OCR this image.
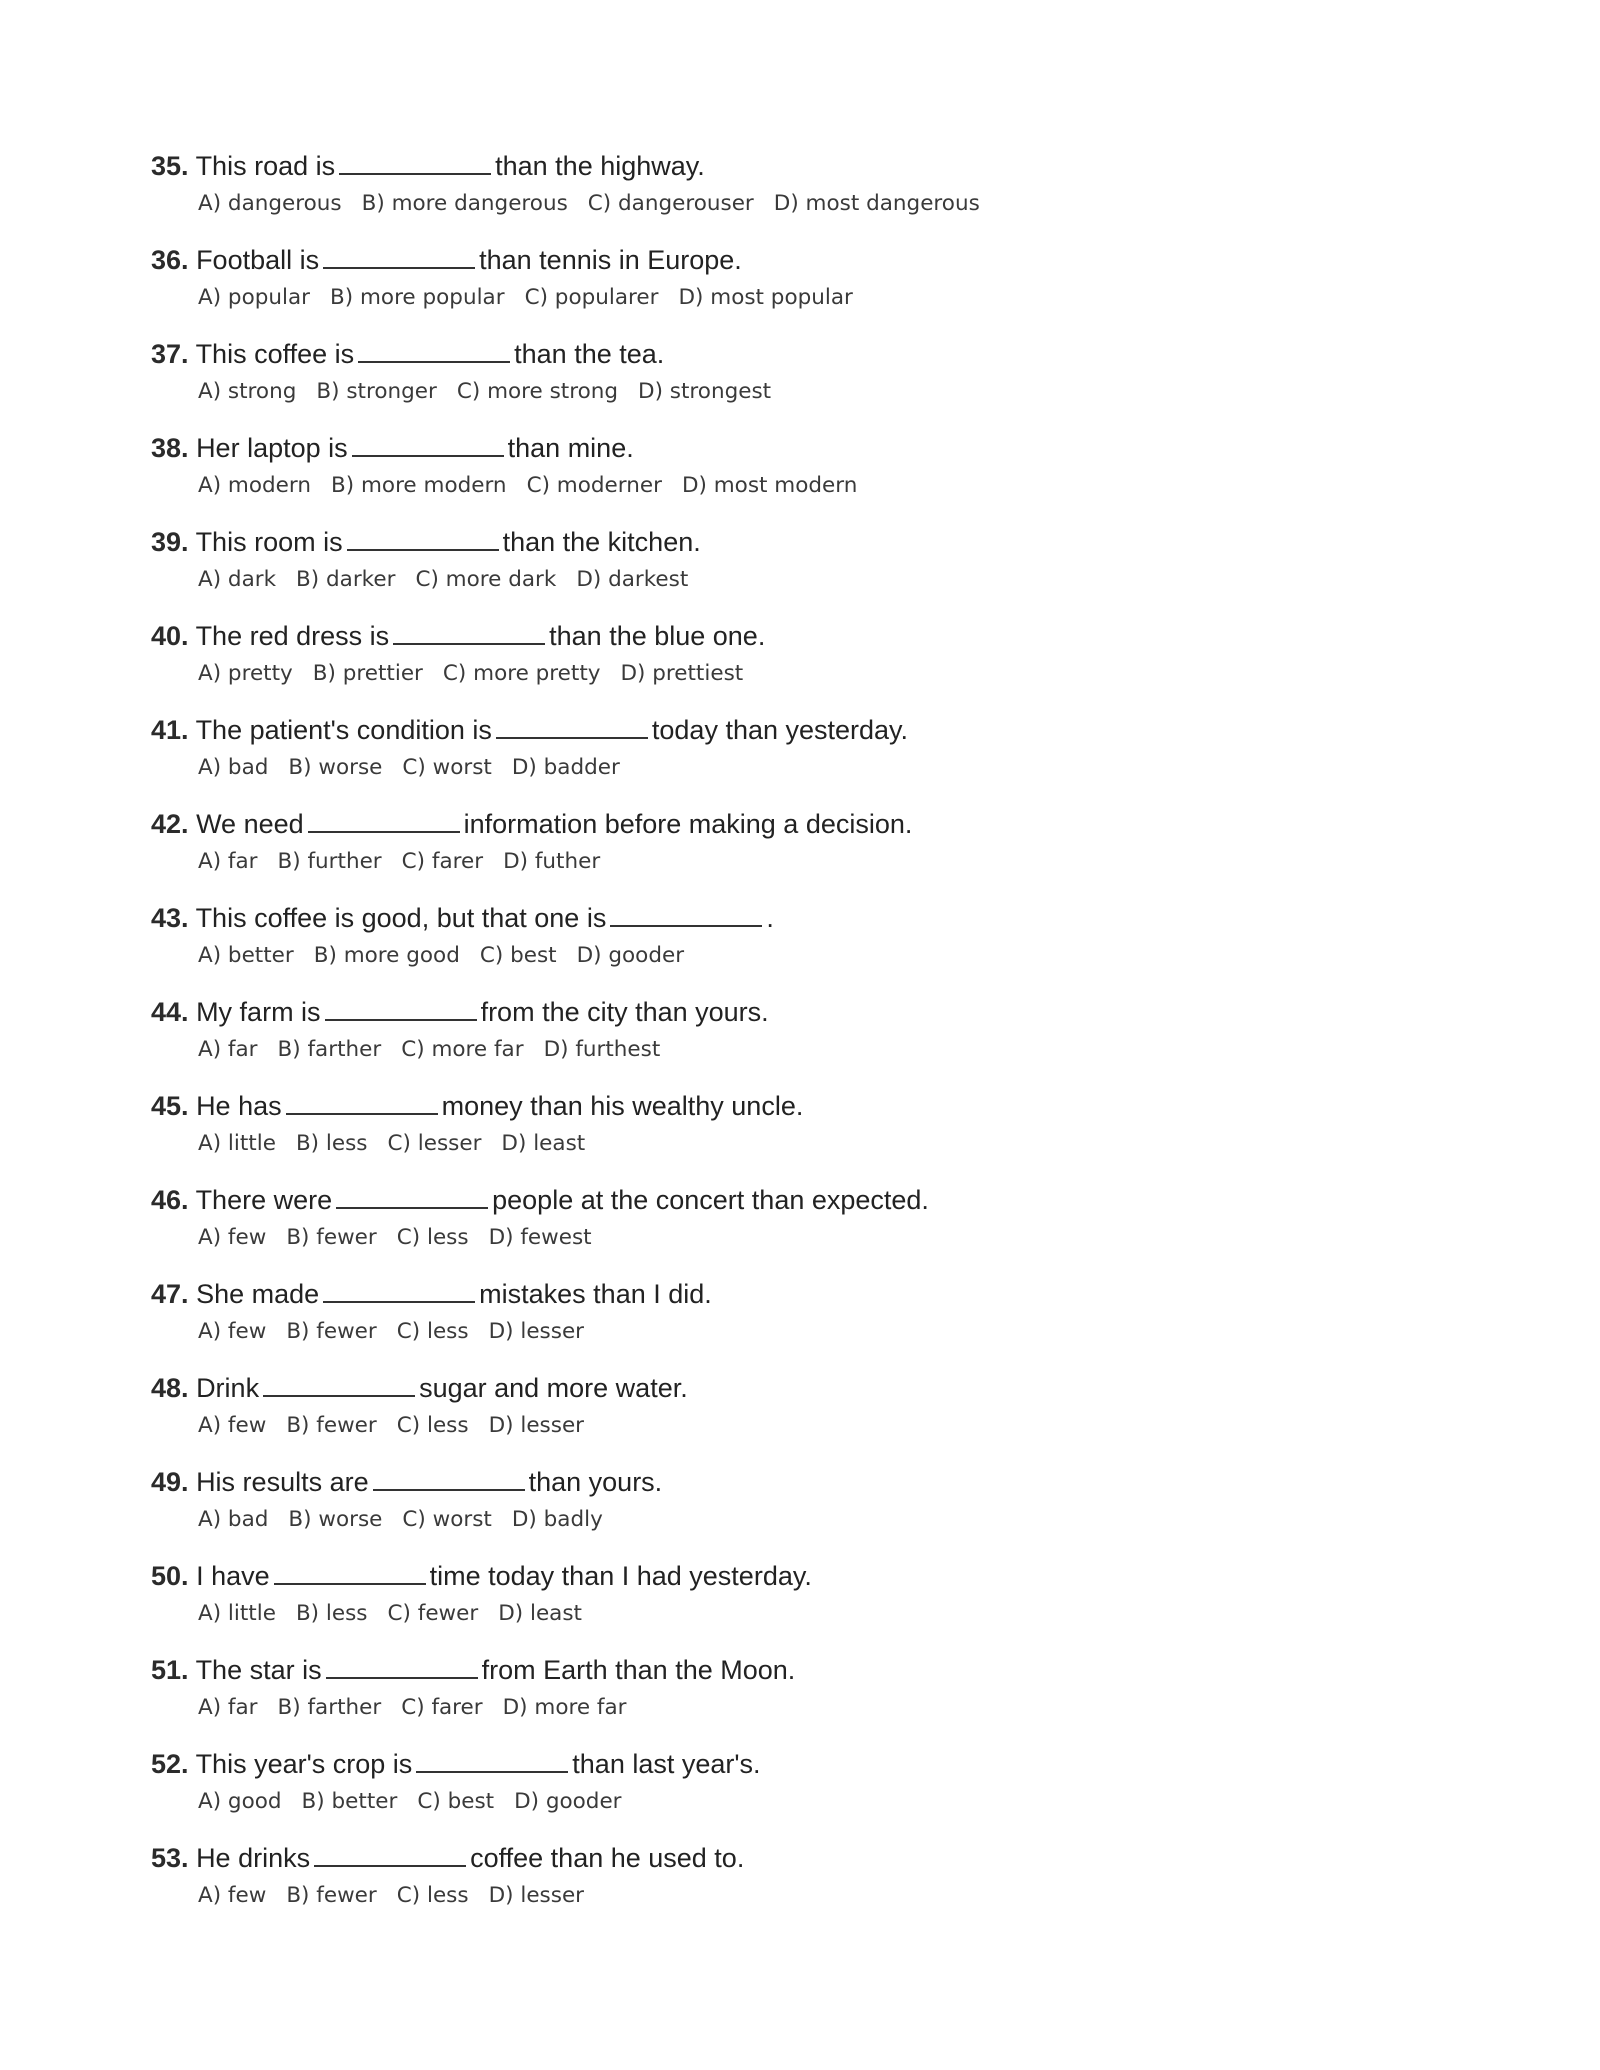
35. This road is	than the highway.
A) dangerous B) more dangerous C) dangerouser D) most dangerous
36. Football is	than tennis in Europe.
A) popular B) more popular C) popularer D) most popular
37. This coffee is	than the tea.
A) strong B) stronger C) more strong D) strongest
38. Her laptop is	than mine.
A) modern B) more modern C) moderner D) most modern
39. This room is	than the kitchen.
A) dark B) darker C) more dark D) darkest
40. The red dress is	than the blue one.
A) pretty B) prettier C) more pretty D) prettiest
41. The patient's condition is	today than yesterday.
A) bad B) worse C) worst D) badder
42. We need	information before making a decision.
A) far B) further C) farer D) futher
43. This coffee is good, but that one is	.
A) better B) more good C) best D) gooder
44. My farm is	from the city than yours.
A) far B) farther C) more far D) furthest
45. He has	money than his wealthy uncle.
A) little B) less C) lesser D) least
46. There were	people at the concert than expected.
A) few B) fewer C) less D) fewest
47. She made	mistakes than I did.
A) few B) fewer C) less D) lesser
48. Drink	sugar and more water.
A) few B) fewer C) less D) lesser
49. His results are	than yours.
A) bad B) worse C) worst D) badly
50. I have	time today than I had yesterday.
A) little B) less C) fewer D) least
51. The star is	from Earth than the Moon.
A) far B) farther C) farer D) more far
52. This year's crop is	than last year's.
A) good B) better C) best D) gooder
53. He drinks	coffee than he used to.
A) few B) fewer C) less D) lesser
